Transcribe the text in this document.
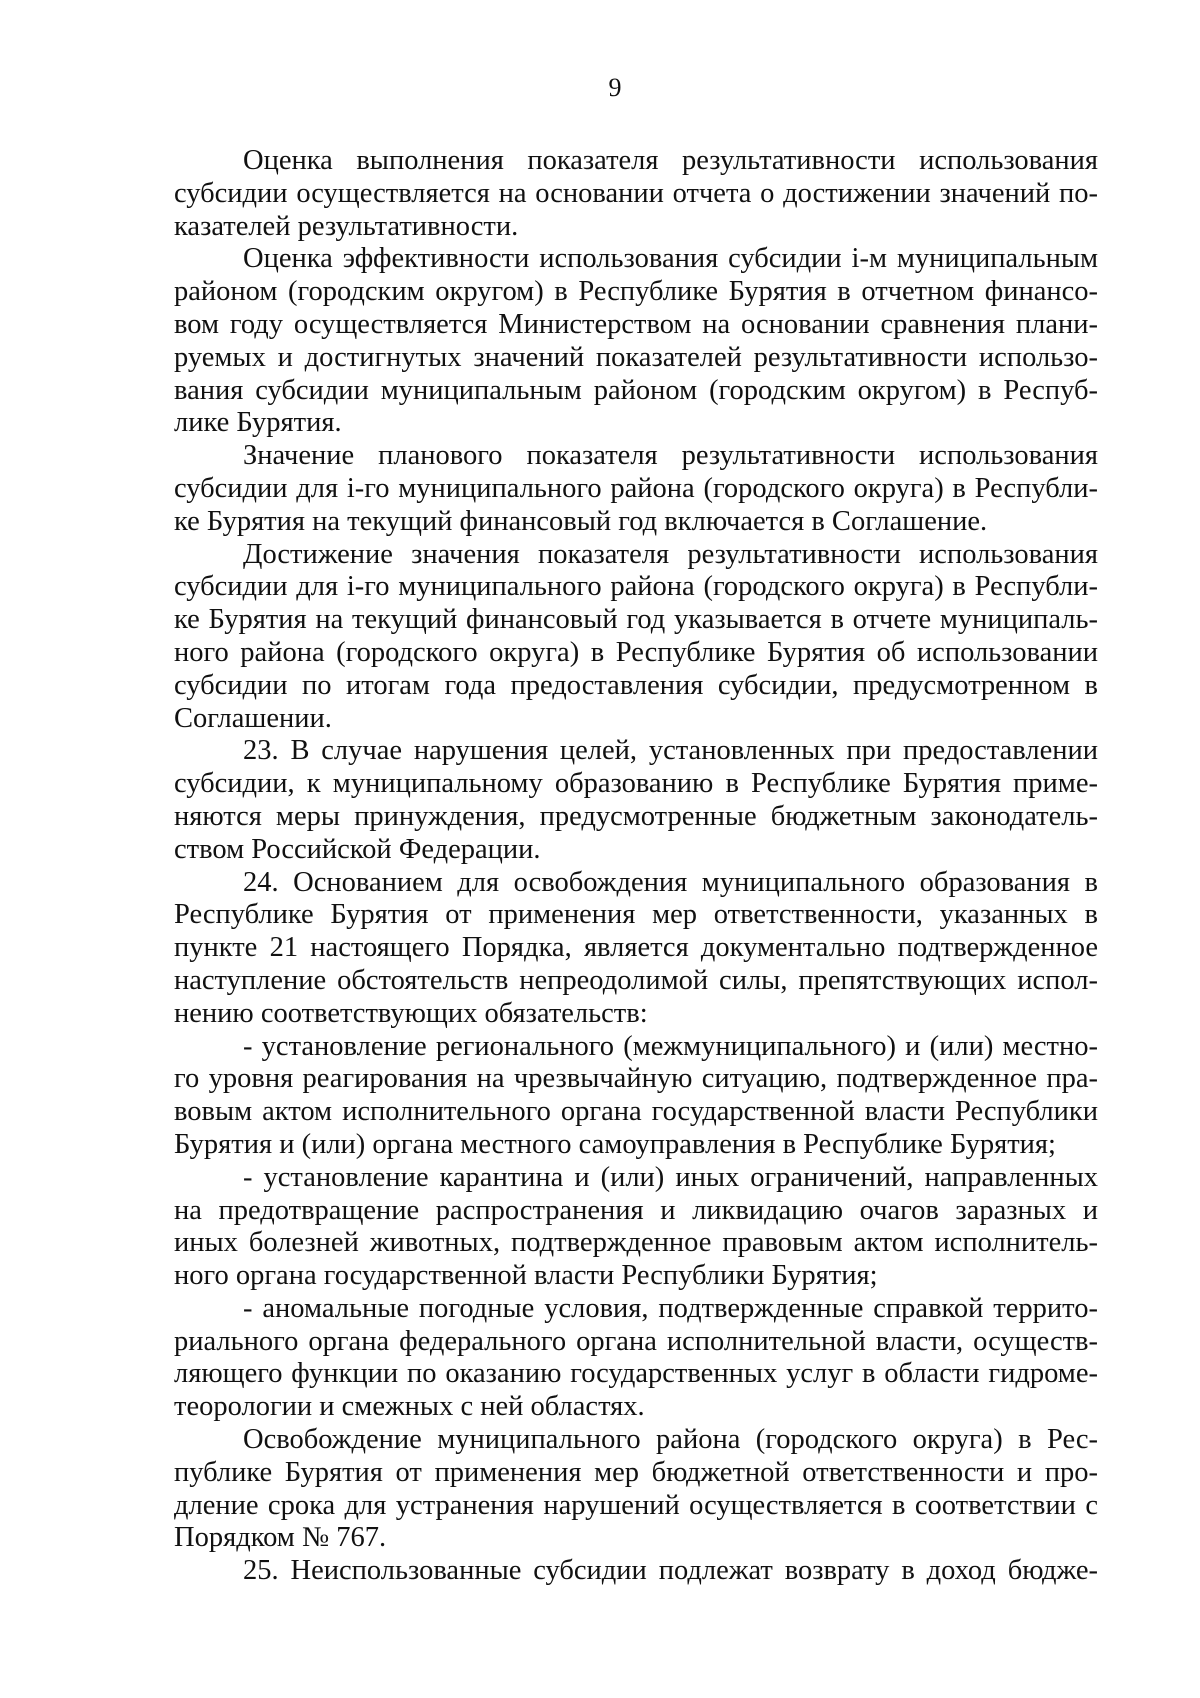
9

Оценка выполнения показателя результативности использования
субсидии осуществляется на основании отчета о достижении значений по-
казателей результативности.

Оценка эффективности использования субсидии i-м муниципальным
районом (городским округом) в Республике Бурятия в отчетном финансо-
вом году осуществляется Министерством на основании сравнения плани-
руемых и достигнутых значений показателей результативности использо-
вания субсидии муниципальным районом (городским округом) в Респуб-
лике Бурятия.

Значение планового показателя результативности использования
субсидии для i-го муниципального района (городского округа) в Республи-
ке Бурятия на текущий финансовый год включается в Соглашение.

Достижение значения показателя результативности использования
субсидии для i-го муниципального района (городского округа) в Республи-
ке Бурятия на текущий финансовый год указывается в отчете муниципаль-
ного района (городского округа) в Республике Бурятия об использовании
субсидии по итогам года предоставления субсидии, предусмотренном в
Соглашении.

23. В случае нарушения целей, установленных при предоставлении
субсидии, к муниципальному образованию в Республике Бурятия приме-
няются меры принуждения, предусмотренные бюджетным законодатель-
ством Российской Федерации.

24. Основанием для освобождения муниципального образования в
Республике Бурятия от применения мер ответственности, указанных в
пункте 21 настоящего Порядка, является документально подтвержденное
наступление обстоятельств непреодолимой силы, препятствующих испол-
нению соответствующих обязательств:

- установление регионального (межмуниципального) и (или) местно-
го уровня реагирования на чрезвычайную ситуацию, подтвержденное пра-
вовым актом исполнительного органа государственной власти Республики
Бурятия и (или) органа местного самоуправления в Республике Бурятия;

- установление карантина и (или) иных ограничений, направленных
на предотвращение распространения и ликвидацию очагов заразных и
иных болезней животных, подтвержденное правовым актом исполнитель-
ного органа государственной власти Республики Бурятия;

- аномальные погодные условия, подтвержденные справкой террито-
риального органа федерального органа исполнительной власти, осуществ-
ляющего функции по оказанию государственных услуг в области гидроме-
теорологии и смежных с ней областях.

Освобождение муниципального района (городского округа) в Рес-
публике Бурятия от применения мер бюджетной ответственности и про-
дление срока для устранения нарушений осуществляется в соответствии с
Порядком № 767.

25. Неиспользованные субсидии подлежат возврату в доход бюдже-
